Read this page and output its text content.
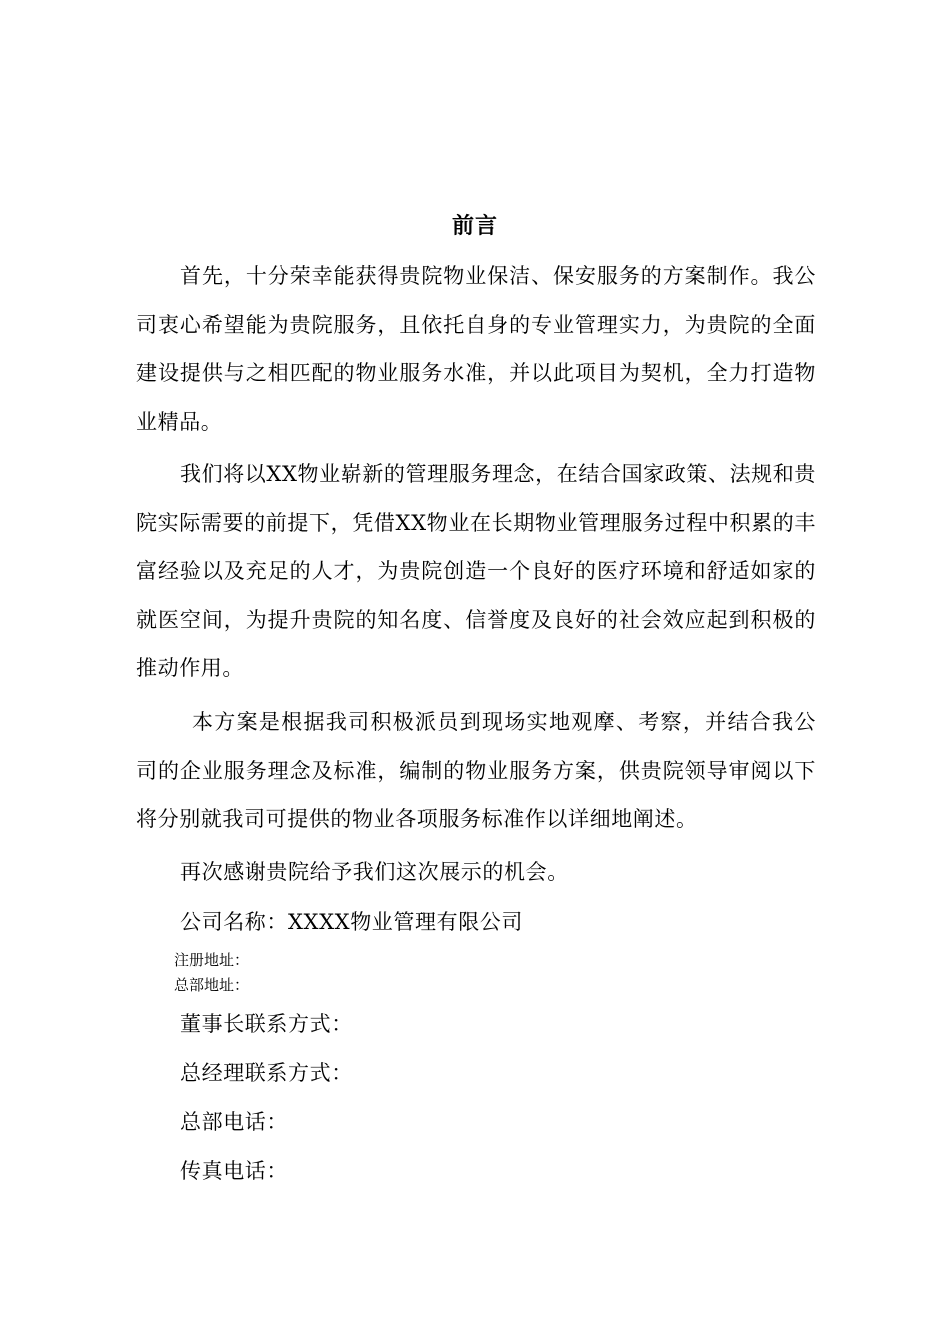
前言
首先，十分荣幸能获得贵院物业保洁、保安服务的方案制作。我公司衷心希望能为贵院服务，且依托自身的专业管理实力，为贵院的全面建设提供与之相匹配的物业服务水准，并以此项目为契机，全力打造物业精品。
我们将以XX物业崭新的管理服务理念，在结合国家政策、法规和贵院实际需要的前提下，凭借XX物业在长期物业管理服务过程中积累的丰富经验以及充足的人才，为贵院创造一个良好的医疗环境和舒适如家的就医空间，为提升贵院的知名度、信誉度及良好的社会效应起到积极的推动作用。
本方案是根据我司积极派员到现场实地观摩、考察，并结合我公司的企业服务理念及标准，编制的物业服务方案，供贵院领导审阅以下将分别就我司可提供的物业各项服务标准作以详细地阐述。
再次感谢贵院给予我们这次展示的机会。
公司名称：XXXX物业管理有限公司
注册地址：
总部地址：
董事长联系方式：
总经理联系方式：
总部电话：
传真电话：
